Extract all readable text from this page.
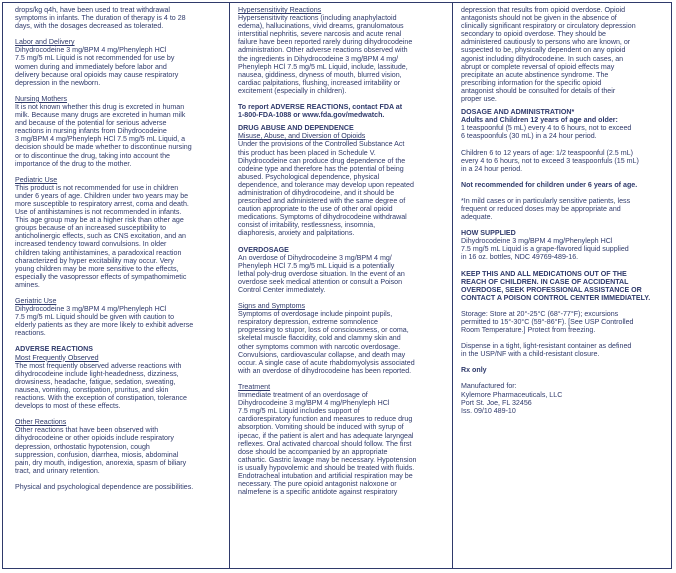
drops/kg q4h, have been used to treat withdrawal
symptoms in infants. The duration of therapy is 4 to 28
days, with the dosages decreased as tolerated.

Labor and Delivery

Dihydrocodeine 3 mg/BPM 4 mg/Phenyleph HCl
7.5 mg/5 mL Liquid is not recommended for use by
women during and immediately before labor and
delivery because oral opioids may cause respiratory
depression in the newborn.

Nursing Mothers

It is not known whether this drug is excreted in human
milk. Because many drugs are excreted in human milk
and because of the potential for serious adverse
reactions in nursing infants from Dihydrocodeine
3 mg/BPM 4 mg/Phenyleph HCl 7.5 mg/5 mL Liquid, a
decision should be made whether to discontinue nursing
or to discontinue the drug, taking into account the
importance of the drug to the mother.

Pediatric Use

This product is not recommended for use in children
under 6 years of age. Children under two years may be
more susceptible to respiratory arrest, coma and death.
Use of antihistamines is not recommended in infants.
This age group may be at a higher risk than other age
groups because of an increased susceptibility to
anticholinergic effects, such as CNS excitation, and an
increased tendency toward convulsions. In older
children taking antihistamines, a paradoxical reaction
characterized by hyper excitability may occur. Very
young children may be more sensitive to the effects,
especially the vasopressor effects of sympathomimetic
amines.

Geriatric Use

Dihydrocodeine 3 mg/BPM 4 mg/Phenyleph HCl
7.5 mg/5 mL Liquid should be given with caution to
elderly patients as they are more likely to exhibit adverse
reactions.

ADVERSE REACTIONS

Most Frequently Observed

The most frequently observed adverse reactions with
dihydrocodeine include light-headedness, dizziness,
drowsiness, headache, fatigue, sedation, sweating,
nausea, vomiting, constipation, pruritus, and skin
reactions. With the exception of constipation, tolerance
develops to most of these effects.

Other Reactions

Other reactions that have been observed with
dihydrocodeine or other opioids include respiratory
depression, orthostatic hypotension, cough
suppression, confusion, diarrhea, miosis, abdominal
pain, dry mouth, indigestion, anorexia, spasm of biliary
tract, and urinary retention.

Physical and psychological dependence are possibilities.

Hypersensitivity Reactions

Hypersensitivity reactions (including anaphylactoid
edema), hallucinations, vivid dreams, granulomatous
interstitial nephritis, severe narcosis and acute renal
failure have been reported rarely during dihydrocodeine
administration. Other adverse reactions observed with
the ingredients in Dihydrocodeine 3 mg/BPM 4 mg/
Phenyleph HCl 7.5 mg/5 mL Liquid, include, lassitude,
nausea, giddiness, dryness of mouth, blurred vision,
cardiac palpitations, flushing, increased irritability or
excitement (especially in children).

To report ADVERSE REACTIONS, contact FDA at
1-800-FDA-1088 or www.fda.gov/medwatch.

DRUG ABUSE AND DEPENDENCE

Misuse, Abuse, and Diversion of Opioids

Under the provisions of the Controlled Substance Act
this product has been placed in Schedule V.
Dihydrocodeine can produce drug dependence of the
codeine type and therefore has the potential of being
abused. Psychological dependence, physical
dependence, and tolerance may develop upon repeated
administration of dihydrocodeine, and it should be
prescribed and administered with the same degree of
caution appropriate to the use of other oral opioid
medications. Symptoms of dihydrocodeine withdrawal
consist of irritability, restlessness, insomnia,
diaphoresis, anxiety and palpitations.

OVERDOSAGE

An overdose of Dihydrocodeine 3 mg/BPM 4 mg/
Phenyleph HCl 7.5 mg/5 mL Liquid is a potentially
lethal poly-drug overdose situation. In the event of an
overdose seek medical attention or consult a Poison
Control Center immediately.

Signs and Symptoms

Symptoms of overdosage include pinpoint pupils,
respiratory depression, extreme somnolence
progressing to stupor, loss of consciousness, or coma,
skeletal muscle flaccidity, cold and clammy skin and
other symptoms common with narcotic overdosage.
Convulsions, cardiovascular collapse, and death may
occur. A single case of acute rhabdomyolysis associated
with an overdose of dihydrocodeine has been reported.

Treatment

Immediate treatment of an overdosage of
Dihydrocodeine 3 mg/BPM 4 mg/Phenyleph HCl
7.5 mg/5 mL Liquid includes support of
cardiorespiratory function and measures to reduce drug
absorption. Vomiting should be induced with syrup of
ipecac, if the patient is alert and has adequate laryngeal
reflexes. Oral activated charcoal should follow. The first
dose should be accompanied by an appropriate
cathartic. Gastric lavage may be necessary. Hypotension
is usually hypovolemic and should be treated with fluids.
Endotracheal intubation and artificial respiration may be
necessary. The pure opioid antagonist naloxone or
nalmefene is a specific antidote against respiratory

depression that results from opioid overdose. Opioid
antagonists should not be given in the absence of
clinically significant respiratory or circulatory depression
secondary to opioid overdose. They should be
administered cautiously to persons who are known, or
suspected to be, physically dependent on any opioid
agonist including dihydrocodeine. In such cases, an
abrupt or complete reversal of opioid effects may
precipitate an acute abstinence syndrome. The
prescribing information for the specific opioid
antagonist should be consulted for details of their
proper use.

DOSAGE AND ADMINISTRATION*

Adults and Children 12 years of age and older:

1 teaspoonful (5 mL) every 4 to 6 hours, not to exceed
6 teaspoonfuls (30 mL) in a 24 hour period.

Children 6 to 12 years of age: 1/2 teaspoonful (2.5 mL)
every 4 to 6 hours, not to exceed 3 teaspoonfuls (15 mL)
in a 24 hour period.

Not recommended for children under 6 years of age.

*In mild cases or in particularly sensitive patients, less
frequent or reduced doses may be appropriate and
adequate.

HOW SUPPLIED

Dihydrocodeine 3 mg/BPM 4 mg/Phenyleph HCl
7.5 mg/5 mL Liquid is a grape-flavored liquid supplied
in 16 oz. bottles, NDC 49769-489-16.

KEEP THIS AND ALL MEDICATIONS OUT OF THE
REACH OF CHILDREN. IN CASE OF ACCIDENTAL
OVERDOSE, SEEK PROFESSIONAL ASSISTANCE OR
CONTACT A POISON CONTROL CENTER IMMEDIATELY.

Storage: Store at 20°-25°C (68°-77°F); excursions
permitted to 15°-30°C (59°-86°F). [See USP Controlled
Room Temperature.] Protect from freezing.

Dispense in a tight, light-resistant container as defined
in the USP/NF with a child-resistant closure.

Rx only

Manufactured for:
Kylemore Pharmaceuticals, LLC
Port St. Joe, FL 32456
Iss. 09/10 489-10
